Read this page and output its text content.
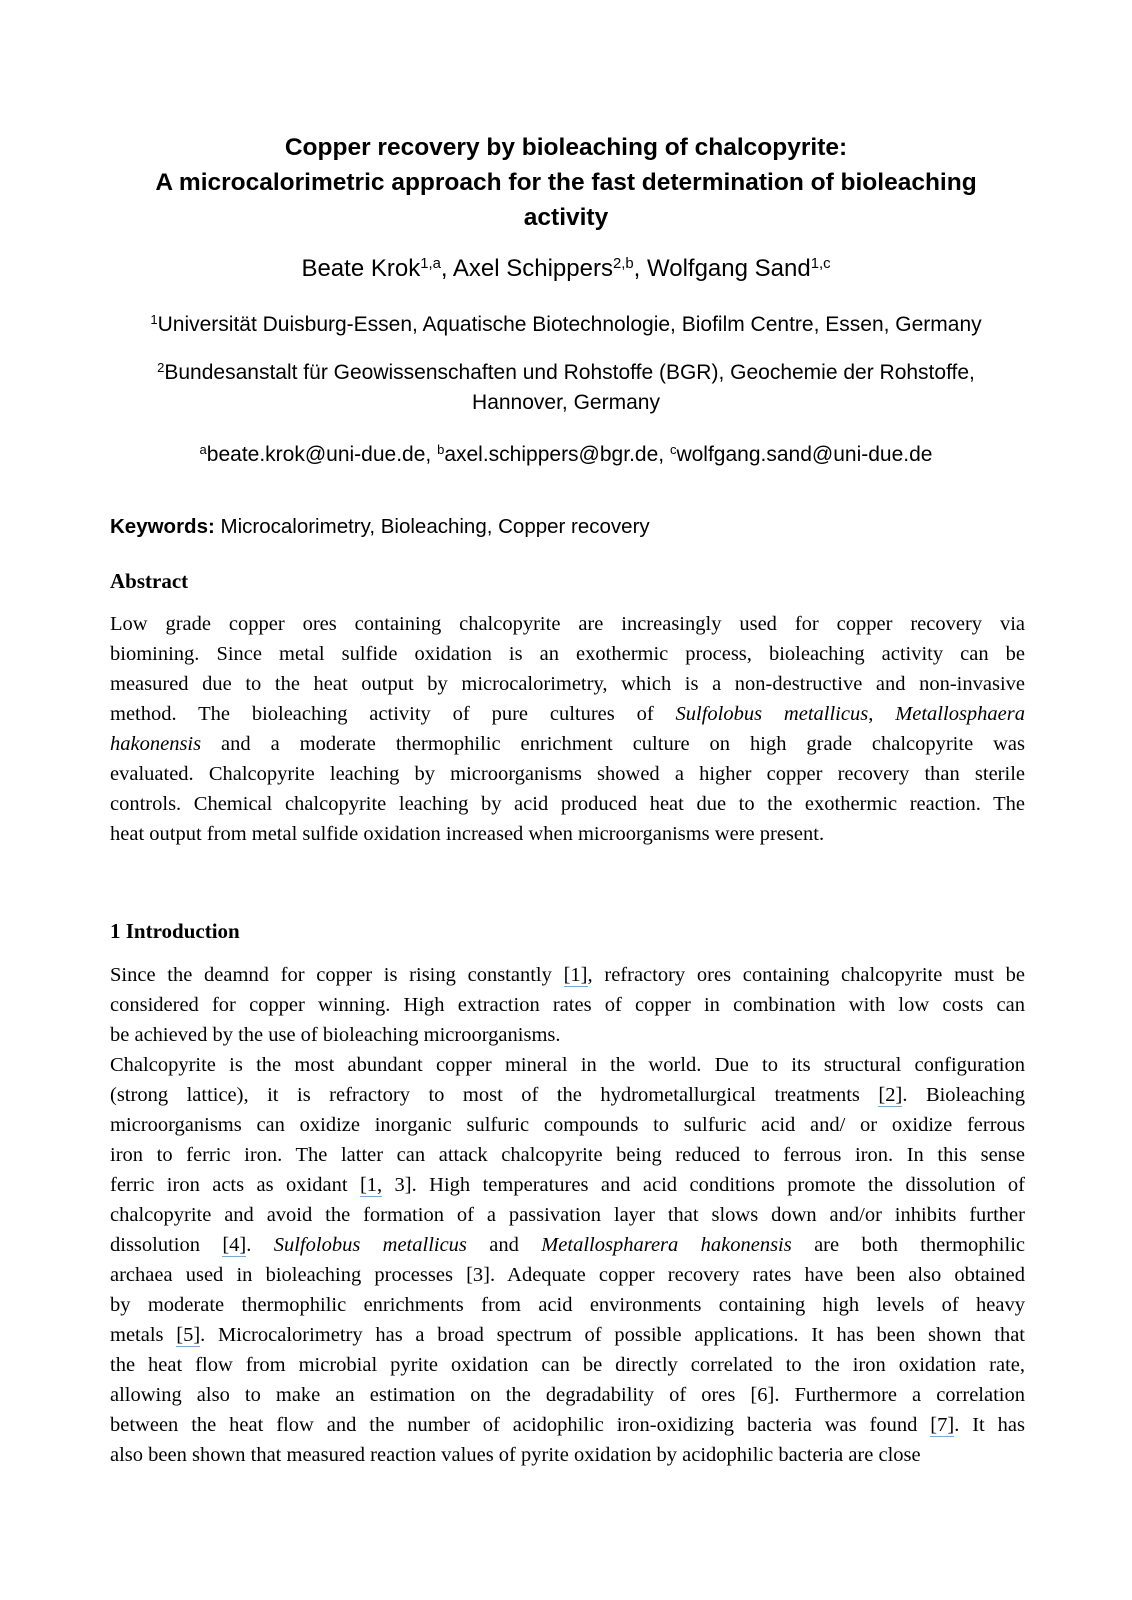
Copper recovery by bioleaching of chalcopyrite:
A microcalorimetric approach for the fast determination of bioleaching
activity
Beate Krok$^{1,a}$, Axel Schippers$^{2,b}$, Wolfgang Sand$^{1,c}$
$^1$Universität Duisburg-Essen, Aquatische Biotechnologie, Biofilm Centre, Essen, Germany
$^2$Bundesanstalt für Geowissenschaften und Rohstoffe (BGR), Geochemie der Rohstoffe,
Hannover, Germany
$^a$beate.krok@uni-due.de, $^b$axel.schippers@bgr.de, $^c$wolfgang.sand@uni-due.de
Keywords: Microcalorimetry, Bioleaching, Copper recovery
Abstract
Low grade copper ores containing chalcopyrite are increasingly used for copper recovery via
biomining. Since metal sulfide oxidation is an exothermic process, bioleaching activity can be
measured due to the heat output by microcalorimetry, which is a non-destructive and non-invasive
method. The bioleaching activity of pure cultures of Sulfolobus metallicus, Metallosphaera
hakonensis and a moderate thermophilic enrichment culture on high grade chalcopyrite was
evaluated. Chalcopyrite leaching by microorganisms showed a higher copper recovery than sterile
controls. Chemical chalcopyrite leaching by acid produced heat due to the exothermic reaction. The
heat output from metal sulfide oxidation increased when microorganisms were present.
1 Introduction
Since the deamnd for copper is rising constantly [1], refractory ores containing chalcopyrite must be
considered for copper winning. High extraction rates of copper in combination with low costs can
be achieved by the use of bioleaching microorganisms.
Chalcopyrite is the most abundant copper mineral in the world. Due to its structural configuration
(strong lattice), it is refractory to most of the hydrometallurgical treatments [2]. Bioleaching
microorganisms can oxidize inorganic sulfuric compounds to sulfuric acid and/ or oxidize ferrous
iron to ferric iron. The latter can attack chalcopyrite being reduced to ferrous iron. In this sense
ferric iron acts as oxidant [1, 3]. High temperatures and acid conditions promote the dissolution of
chalcopyrite and avoid the formation of a passivation layer that slows down and/or inhibits further
dissolution [4]. Sulfolobus metallicus and Metallospharera hakonensis are both thermophilic
archaea used in bioleaching processes [3]. Adequate copper recovery rates have been also obtained
by moderate thermophilic enrichments from acid environments containing high levels of heavy
metals [5]. Microcalorimetry has a broad spectrum of possible applications. It has been shown that
the heat flow from microbial pyrite oxidation can be directly correlated to the iron oxidation rate,
allowing also to make an estimation on the degradability of ores [6]. Furthermore a correlation
between the heat flow and the number of acidophilic iron-oxidizing bacteria was found [7]. It has
also been shown that measured reaction values of pyrite oxidation by acidophilic bacteria are close
